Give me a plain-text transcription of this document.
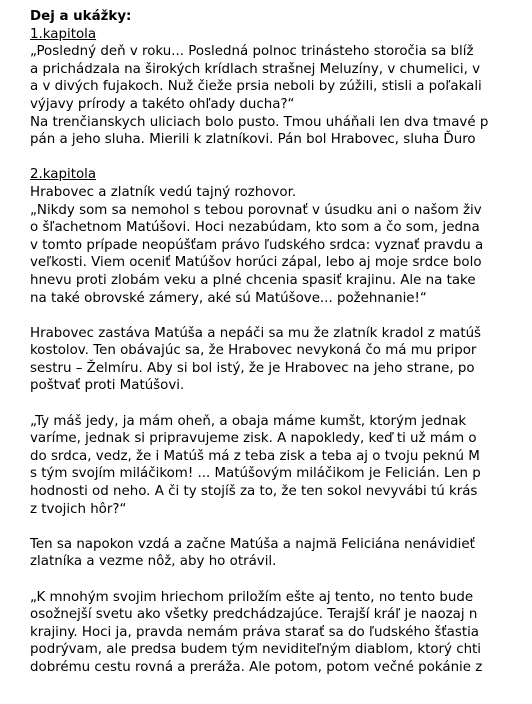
Dej a ukážky:
1.kapitola
„Posledný deň v roku... Posledná polnoc trinásteho storočia sa blíž
a prichádzala na širokých krídlach strašnej Meluzíny, v chumelici, v
a v divých fujakoch. Nuž čieže prsia neboli by zúžili, stisli a poľakali
výjavy prírody a takéto ohľady ducha?“
Na trenčianskych uliciach bolo pusto. Tmou uháňali len dva tmavé p
pán a jeho sluha. Mierili k zlatníkovi. Pán bol Hrabovec, sluha Ďuro
2.kapitola
Hrabovec a zlatník vedú tajný rozhovor.
„Nikdy som sa nemohol s tebou porovnať v úsudku ani o našom živ
o šľachetnom Matúšovi. Hoci nezabúdam, kto som a čo som, jedna
v tomto prípade neopúšťam právo ľudského srdca: vyznať pravdu a
veľkosti. Viem oceniť Matúšov horúci zápal, lebo aj moje srdce bolo
hnevu proti zlobám veku a plné chcenia spasiť krajinu. Ale na take
na také obrovské zámery, aké sú Matúšove... požehnanie!“
Hrabovec zastáva Matúša a nepáči sa mu že zlatník kradol z matúš
kostolov. Ten obávajúc sa, že Hrabovec nevykoná čo má mu pripor
sestru – Želmíru. Aby si bol istý, že je Hrabovec na jeho strane, po
poštvať proti Matúšovi.
„Ty máš jedy, ja mám oheň, a obaja máme kumšt, ktorým jednak
varíme, jednak si pripravujeme zisk. A napokledy, keď ti už mám o
do srdca, vedz, že i Matúš má z teba zisk a teba aj o tvoju peknú M
s tým svojím miláčikom! ... Matúšovým miláčikom je Felicián. Len p
hodnosti od neho. A či ty stojíš za to, že ten sokol nevyvábi tú krás
z tvojich hôr?“
Ten sa napokon vzdá a začne Matúša a najmä Feliciána nenávidieť
zlatníka a vezme nôž, aby ho otrávil.
„K mnohým svojim hriechom priložím ešte aj tento, no tento bude
osožnejší svetu ako všetky predchádzajúce. Terajší kráľ je naozaj n
krajiny. Hoci ja, pravda nemám práva starať sa do ľudského šťastia
podrývam, ale predsa budem tým neviditeľným diablom, ktorý chti
dobrému cestu rovná a preráža. Ale potom, potom večné pokánie z
